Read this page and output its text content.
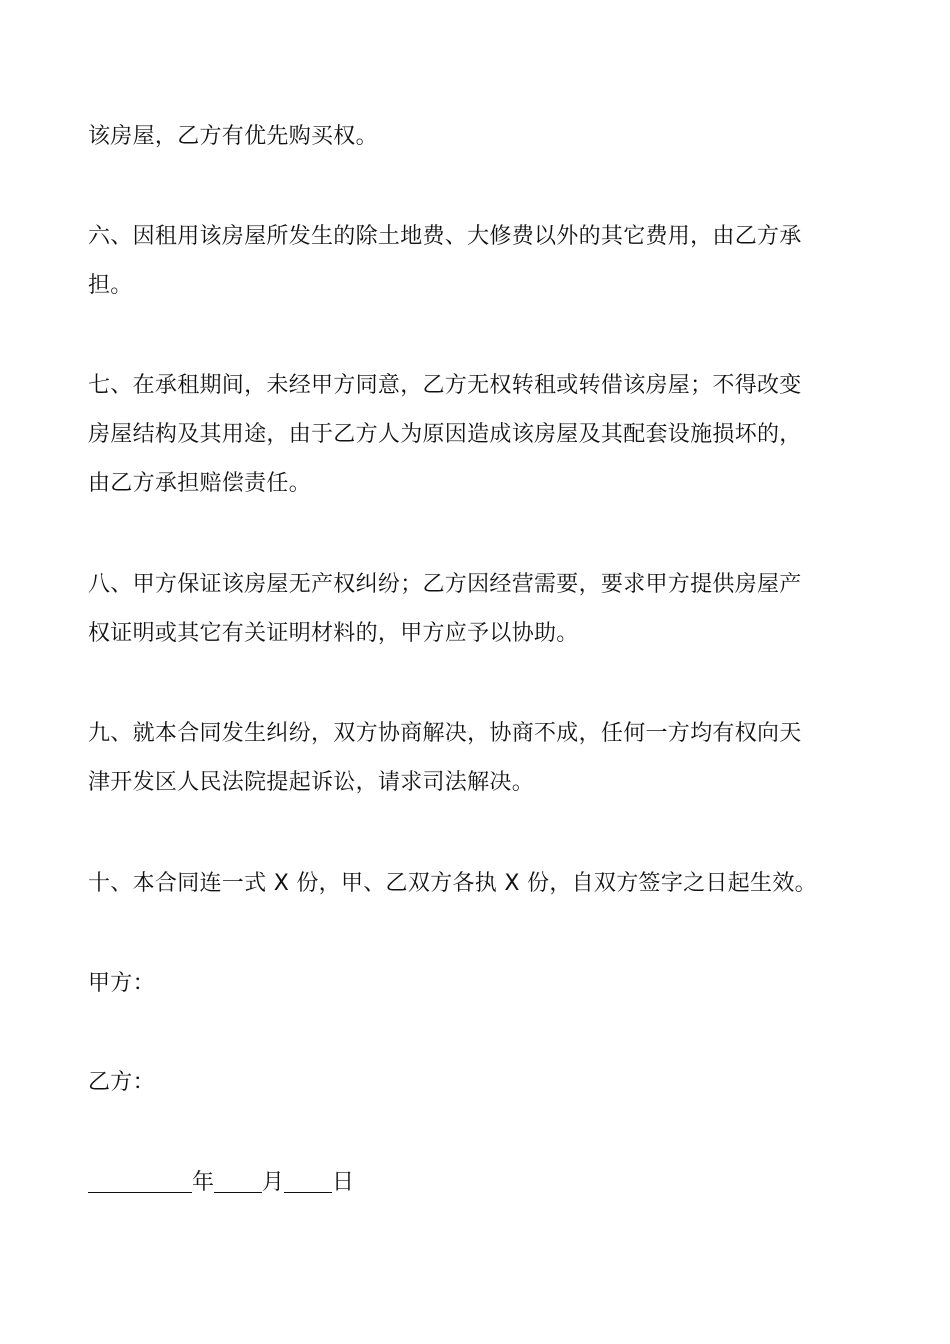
该房屋，乙方有优先购买权。
六、因租用该房屋所发生的除土地费、大修费以外的其它费用，由乙方承
担。
七、在承租期间，未经甲方同意，乙方无权转租或转借该房屋；不得改变
房屋结构及其用途，由于乙方人为原因造成该房屋及其配套设施损坏的，
由乙方承担赔偿责任。
八、甲方保证该房屋无产权纠纷；乙方因经营需要，要求甲方提供房屋产
权证明或其它有关证明材料的，甲方应予以协助。
九、就本合同发生纠纷，双方协商解决，协商不成，任何一方均有权向天
津开发区人民法院提起诉讼，请求司法解决。
十、本合同连一式 X 份，甲、乙双方各执 X 份，自双方签字之日起生效。
甲方：
乙方：
年 月 日
